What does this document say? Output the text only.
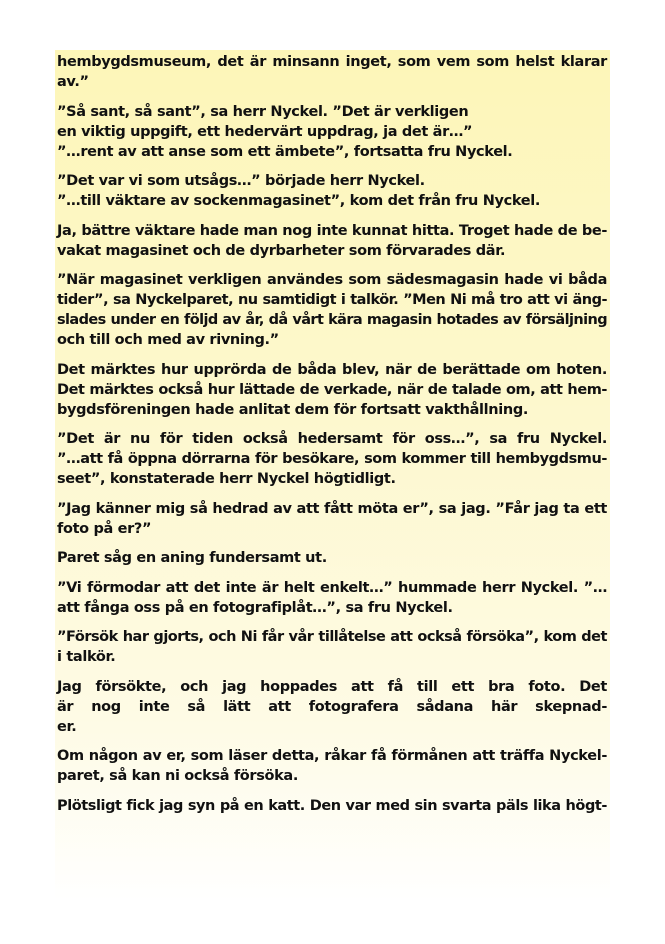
hembygdsmuseum, det är minsann inget, som vem som helst klarar
av.”

”Så sant, så sant”, sa herr Nyckel. ”Det är verkligen
en viktig uppgift, ett hedervärt uppdrag, ja det är…”
”…rent av att anse som ett ämbete”, fortsatta fru Nyckel.

”Det var vi som utsågs…” började herr Nyckel.
”…till väktare av sockenmagasinet”, kom det från fru Nyckel.

Ja, bättre väktare hade man nog inte kunnat hitta. Troget hade de be-
vakat magasinet och de dyrbarheter som förvarades där.

”När magasinet verkligen användes som sädesmagasin hade vi båda
tider”, sa Nyckelparet, nu samtidigt i talkör. ”Men Ni må tro att vi äng-
slades under en följd av år, då vårt kära magasin hotades av försäljning
och till och med av rivning.”

Det märktes hur upprörda de båda blev, när de berättade om hoten.
Det märktes också hur lättade de verkade, när de talade om, att hem-
bygdsföreningen hade anlitat dem för fortsatt vakthållning.

”Det är nu för tiden också hedersamt för oss…”, sa fru Nyckel.
”…att få öppna dörrarna för besökare, som kommer till hembygdsmu-
seet”, konstaterade herr Nyckel högtidligt.

”Jag känner mig så hedrad av att fått möta er”, sa jag. ”Får jag ta ett
foto på er?”

Paret såg en aning fundersamt ut.

”Vi förmodar att det inte är helt enkelt…” hummade herr Nyckel. ”…
att fånga oss på en fotografiplåt…”, sa fru Nyckel.

”Försök har gjorts, och Ni får vår tillåtelse att också försöka”, kom det
i talkör.

Jag försökte, och jag hoppades att få till ett bra foto. Det
är nog inte så lätt att fotografera sådana här skepnad-
er.

Om någon av er, som läser detta, råkar få förmånen att träffa Nyckel-
paret, så kan ni också försöka.

Plötsligt fick jag syn på en katt. Den var med sin svarta päls lika högt-
